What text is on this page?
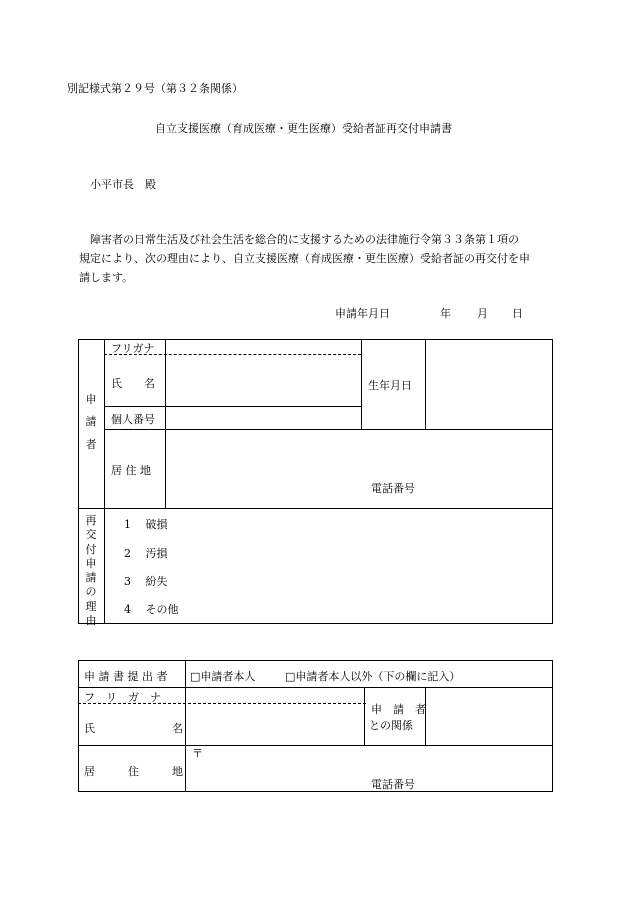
別記様式第２９号（第３２条関係）
自立支援医療（育成医療・更生医療）受給者証再交付申請書
小平市長　殿
障害者の日常生活及び社会生活を総合的に支援するための法律施行令第３３条第１項の
規定により、次の理由により、自立支援医療（育成医療・更生医療）受給者証の再交付を申
請します。
申請年月日	年 月 日
申
請
者
フリガナ
氏　　名	生年月日
個人番号
居 住 地
電話番号
再
交
付
申
請
の
理
由
1　 破損
2　 汚損
3　 紛失
4　 その他
申 請 書 提 出 者 □申請者本人	□申請者本人以外（下の欄に記入）
フ　リ　ガ　ナ
氏	名
申　請　者
との関係
居	住	地
〒
電話番号
